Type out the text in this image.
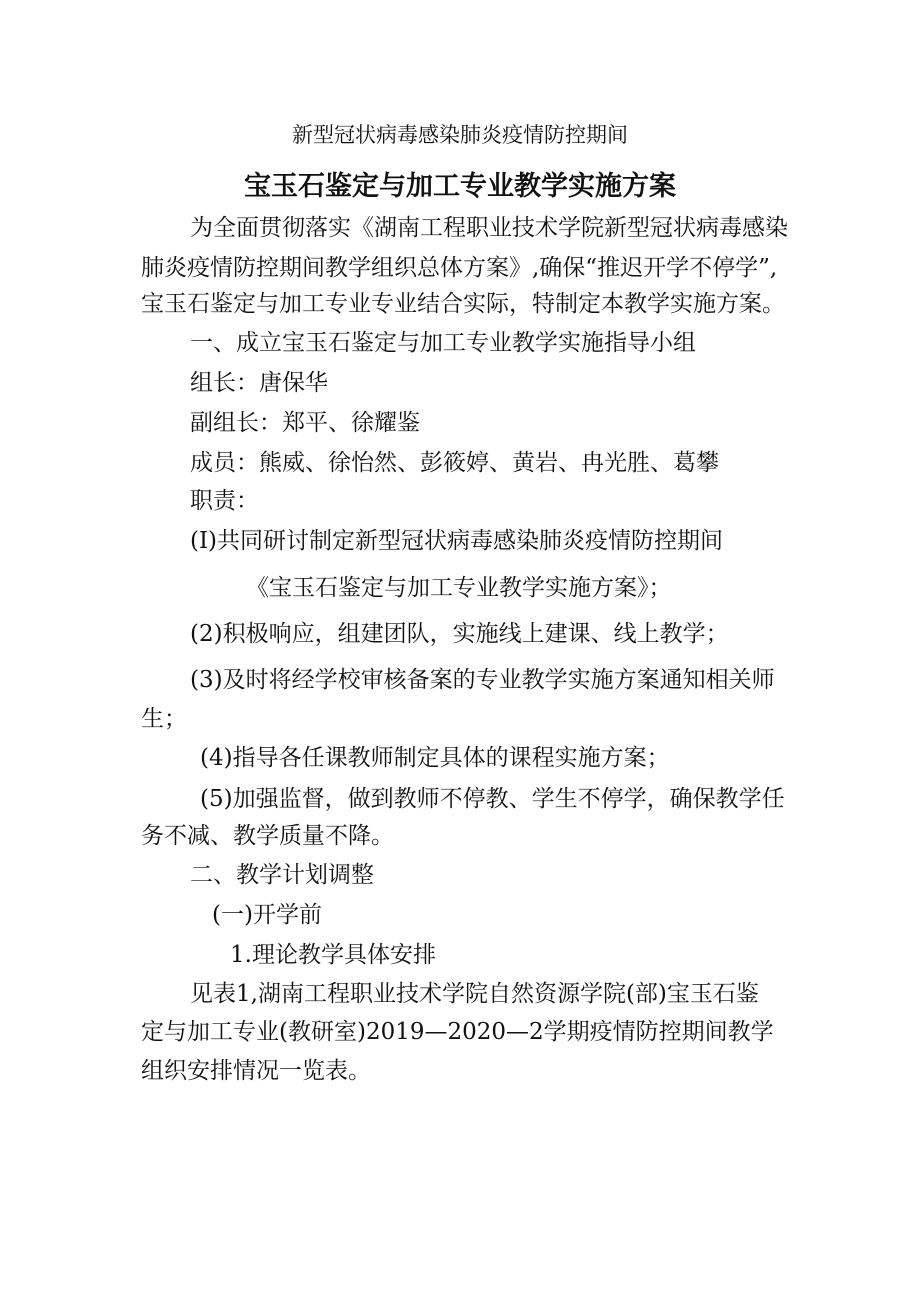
新型冠状病毒感染肺炎疫情防控期间
宝玉石鉴定与加工专业教学实施方案
为全面贯彻落实《湖南工程职业技术学院新型冠状病毒感染
肺炎疫情防控期间教学组织总体方案》,确保“推迟开学不停学”,
宝玉石鉴定与加工专业专业结合实际，特制定本教学实施方案。
一、成立宝玉石鉴定与加工专业教学实施指导小组
组长：唐保华
副组长：郑平、徐耀鉴
成员：熊威、徐怡然、彭筱婷、黄岩、冉光胜、葛攀
职责：
(I)共同研讨制定新型冠状病毒感染肺炎疫情防控期间
《宝玉石鉴定与加工专业教学实施方案》；
(2)积极响应，组建团队，实施线上建课、线上教学；
(3)及时将经学校审核备案的专业教学实施方案通知相关师
生；
(4)指导各任课教师制定具体的课程实施方案；
(5)加强监督，做到教师不停教、学生不停学，确保教学任
务不减、教学质量不降。
二、教学计划调整
(一)开学前
1.理论教学具体安排
见表1,湖南工程职业技术学院自然资源学院(部)宝玉石鉴
定与加工专业(教研室)2019—2020—2学期疫情防控期间教学
组织安排情况一览表。
